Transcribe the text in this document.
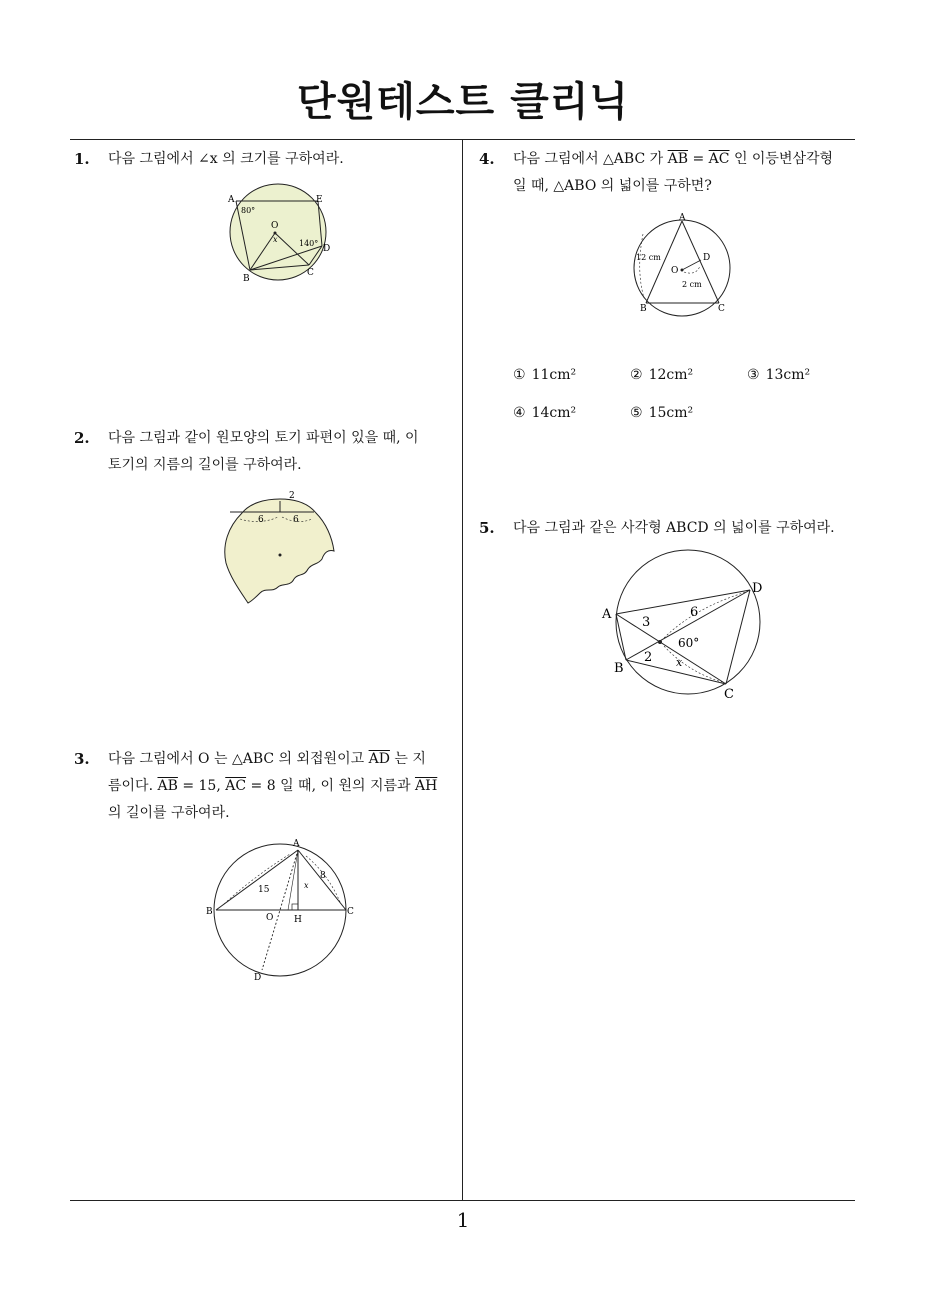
단원테스트 클리닉
1. 다음 그림에서 ∠x 의 크기를 구하여라.
A	E
B
C
D
O
x
80°
140°
2. 다음 그림과 같이 원모양의 토기 파편이 있을 때, 이
토기의 지름의 길이를 구하여라.
2
6	6
3. 다음 그림에서 O 는 △ABC 의 외접원이고 $\overline{AD}$ 는 지
름이다. $\overline{AB} = 15$, $\overline{AC} = 8$ 일 때, 이 원의 지름과 $\overline{AH}$
의 길이를 구하여라.
A
B	C
O H
D
15
8
x
4. 다음 그림에서 △ABC 가 $\overline{AB} = \overline{AC}$ 인 이등변삼각형
일 때, △ABO 의 넓이를 구하면?
A
B	C
O
D
12 cm
2 cm
① 11cm²	② 12cm²	③ 13cm²
④ 14cm²	⑤ 15cm²
5. 다음 그림과 같은 사각형 ABCD 의 넓이를 구하여라.
A
B
C
D
3
6
2 x
60°
1
